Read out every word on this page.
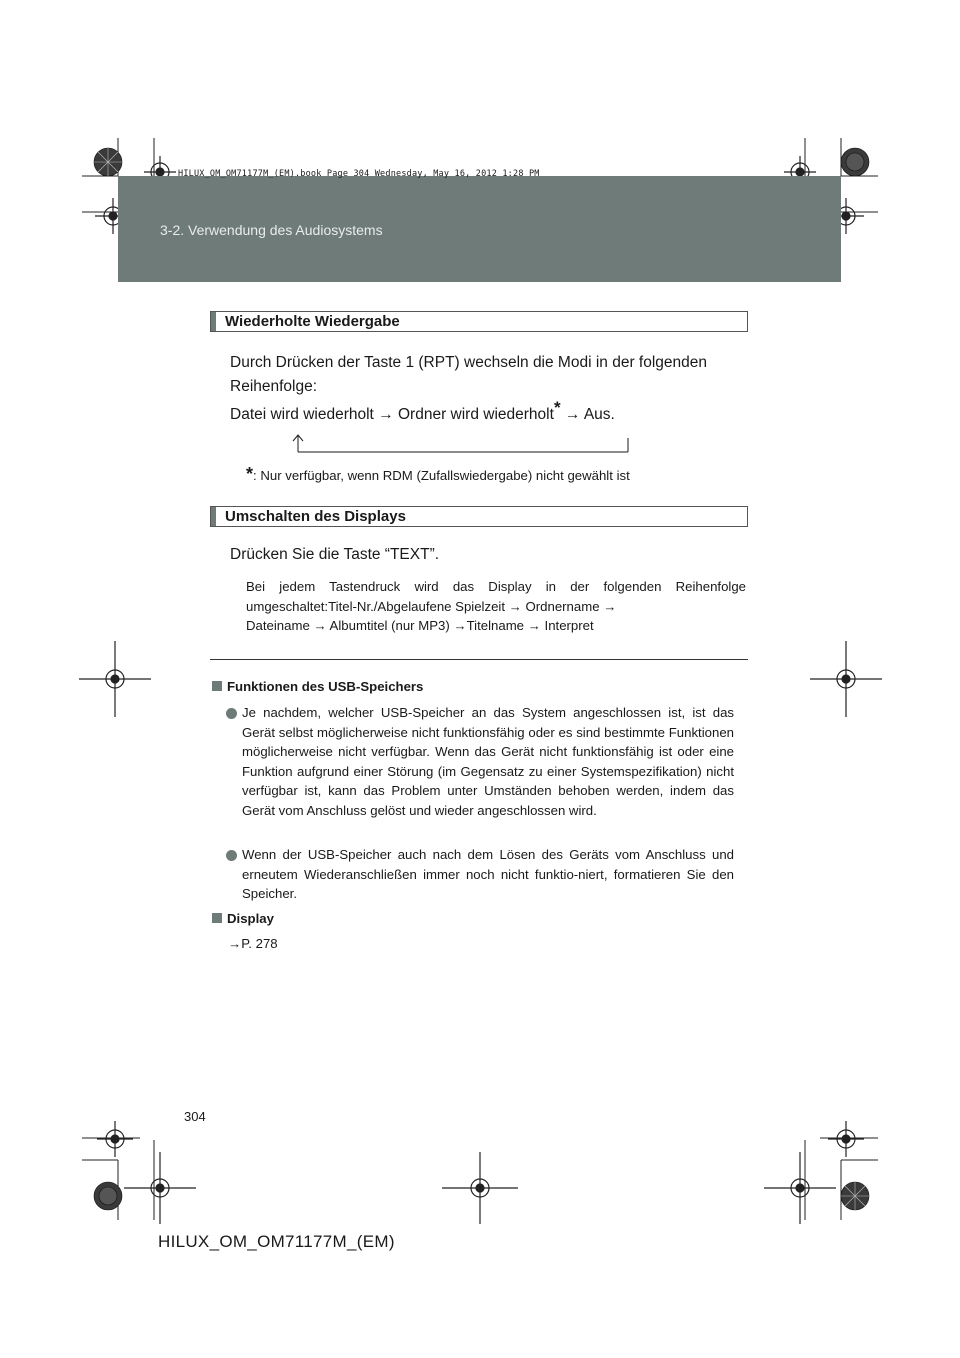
HILUX_OM_OM71177M_(EM).book Page 304 Wednesday, May 16, 2012 1:28 PM
3-2. Verwendung des Audiosystems
Wiederholte Wiedergabe
Durch Drücken der Taste 1 (RPT) wechseln die Modi in der folgenden Reihenfolge:
Datei wird wiederholt → Ordner wird wiederholt* → Aus.
*: Nur verfügbar, wenn RDM (Zufallswiedergabe) nicht gewählt ist
Umschalten des Displays
Drücken Sie die Taste “TEXT”.
Bei jedem Tastendruck wird das Display in der folgenden Reihenfolge
umgeschaltet:Titel-Nr./Abgelaufene Spielzeit → Ordnername →
Dateiname → Albumtitel (nur MP3) →Titelname → Interpret
Funktionen des USB-Speichers
Je nachdem, welcher USB-Speicher an das System angeschlossen ist, ist das Gerät selbst möglicherweise nicht funktionsfähig oder es sind bestimmte Funktionen möglicherweise nicht verfügbar. Wenn das Gerät nicht funktionsfähig ist oder eine Funktion aufgrund einer Störung (im Gegensatz zu einer Systemspezifikation) nicht verfügbar ist, kann das Problem unter Umständen behoben werden, indem das Gerät vom Anschluss gelöst und wieder angeschlossen wird.
Wenn der USB-Speicher auch nach dem Lösen des Geräts vom Anschluss und erneutem Wiederanschließen immer noch nicht funktio-niert, formatieren Sie den Speicher.
Display
→P. 278
304
HILUX_OM_OM71177M_(EM)
